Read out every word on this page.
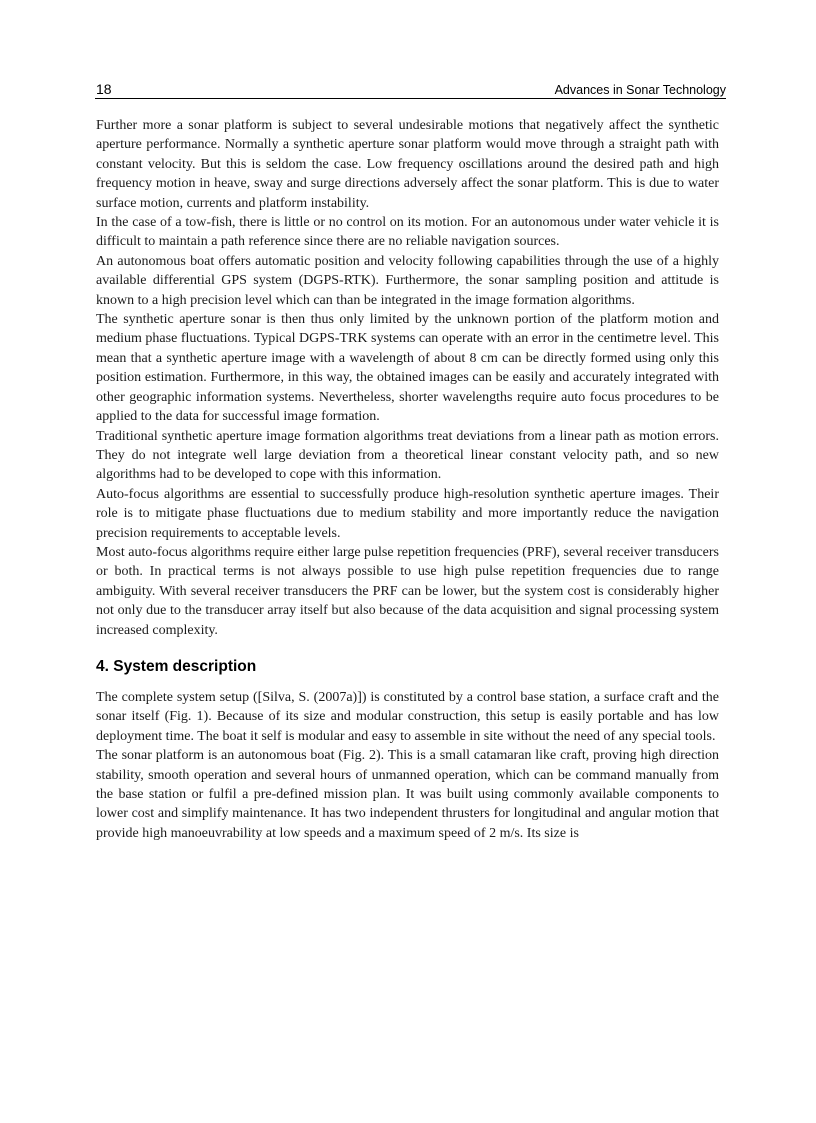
18	Advances in Sonar Technology

Further more a sonar platform is subject to several undesirable motions that negatively affect the synthetic aperture performance. Normally a synthetic aperture sonar platform would move through a straight path with constant velocity. But this is seldom the case. Low frequency oscillations around the desired path and high frequency motion in heave, sway and surge directions adversely affect the sonar platform. This is due to water surface motion, currents and platform instability.

In the case of a tow-fish, there is little or no control on its motion. For an autonomous under water vehicle it is difficult to maintain a path reference since there are no reliable navigation sources.

An autonomous boat offers automatic position and velocity following capabilities through the use of a highly available differential GPS system (DGPS-RTK). Furthermore, the sonar sampling position and attitude is known to a high precision level which can than be integrated in the image formation algorithms.

The synthetic aperture sonar is then thus only limited by the unknown portion of the platform motion and medium phase fluctuations. Typical DGPS-TRK systems can operate with an error in the centimetre level. This mean that a synthetic aperture image with a wavelength of about 8 cm can be directly formed using only this position estimation. Furthermore, in this way, the obtained images can be easily and accurately integrated with other geographic information systems. Nevertheless, shorter wavelengths require auto focus procedures to be applied to the data for successful image formation.

Traditional synthetic aperture image formation algorithms treat deviations from a linear path as motion errors. They do not integrate well large deviation from a theoretical linear constant velocity path, and so new algorithms had to be developed to cope with this information.

Auto-focus algorithms are essential to successfully produce high-resolution synthetic aperture images. Their role is to mitigate phase fluctuations due to medium stability and more importantly reduce the navigation precision requirements to acceptable levels.

Most auto-focus algorithms require either large pulse repetition frequencies (PRF), several receiver transducers or both. In practical terms is not always possible to use high pulse repetition frequencies due to range ambiguity. With several receiver transducers the PRF can be lower, but the system cost is considerably higher not only due to the transducer array itself but also because of the data acquisition and signal processing system increased complexity.

4. System description

The complete system setup ([Silva, S. (2007a)]) is constituted by a control base station, a surface craft and the sonar itself (Fig. 1). Because of its size and modular construction, this setup is easily portable and has low deployment time. The boat it self is modular and easy to assemble in site without the need of any special tools.

The sonar platform is an autonomous boat (Fig. 2). This is a small catamaran like craft, proving high direction stability, smooth operation and several hours of unmanned operation, which can be command manually from the base station or fulfil a pre-defined mission plan. It was built using commonly available components to lower cost and simplify maintenance. It has two independent thrusters for longitudinal and angular motion that provide high manoeuvrability at low speeds and a maximum speed of 2 m/s. Its size is
